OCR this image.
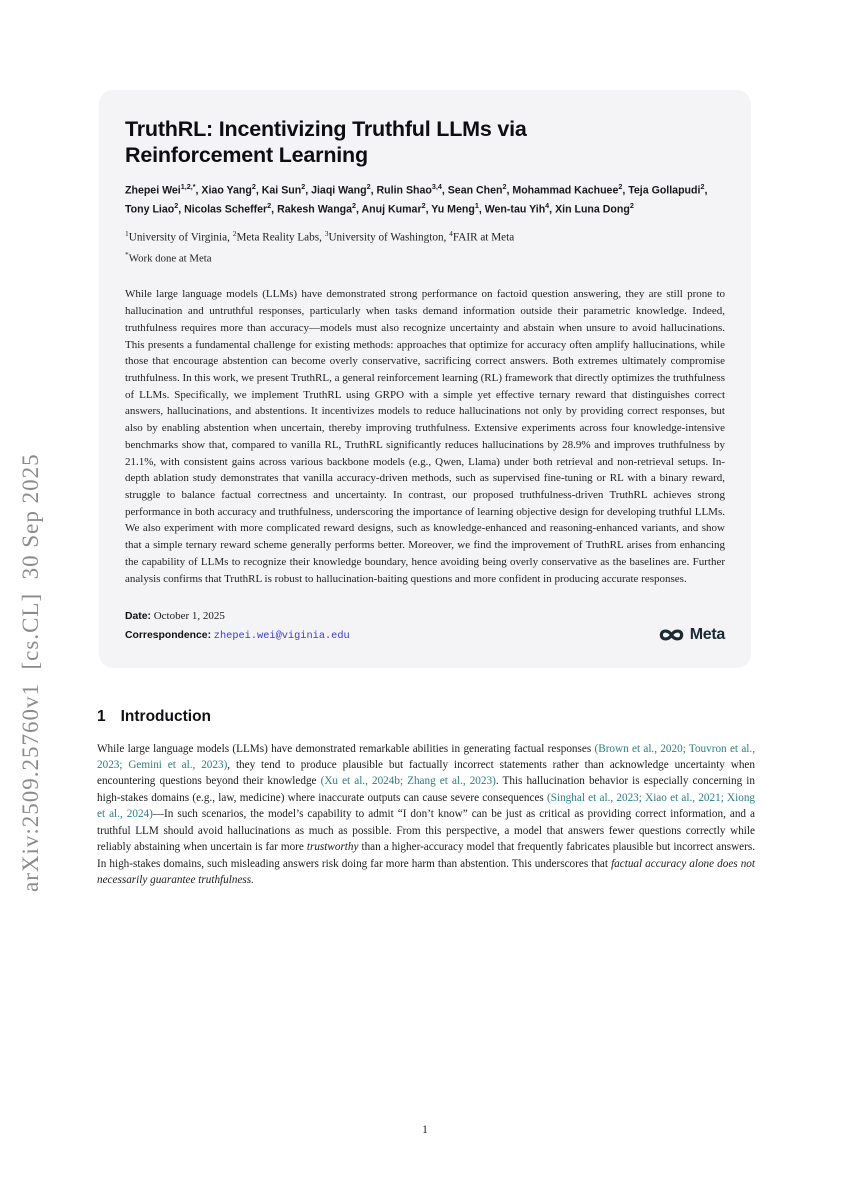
arXiv:2509.25760v1  [cs.CL]  30 Sep 2025
TruthRL: Incentivizing Truthful LLMs via Reinforcement Learning

Zhepei Wei$^{1,2,*}$, Xiao Yang$^2$, Kai Sun$^2$, Jiaqi Wang$^2$, Rulin Shao$^{3,4}$, Sean Chen$^2$, Mohammad Kachuee$^2$, Teja Gollapudi$^2$, Tony Liao$^2$, Nicolas Scheffer$^2$, Rakesh Wanga$^2$, Anuj Kumar$^2$, Yu Meng$^1$, Wen-tau Yih$^4$, Xin Luna Dong$^2$

$^1$University of Virginia, $^2$Meta Reality Labs, $^3$University of Washington, $^4$FAIR at Meta

*Work done at Meta

While large language models (LLMs) have demonstrated strong performance on factoid question answering, they are still prone to hallucination and untruthful responses, particularly when tasks demand information outside their parametric knowledge. Indeed, truthfulness requires more than accuracy—models must also recognize uncertainty and abstain when unsure to avoid hallucinations. This presents a fundamental challenge for existing methods: approaches that optimize for accuracy often amplify hallucinations, while those that encourage abstention can become overly conservative, sacrificing correct answers. Both extremes ultimately compromise truthfulness. In this work, we present TruthRL, a general reinforcement learning (RL) framework that directly optimizes the truthfulness of LLMs. Specifically, we implement TruthRL using GRPO with a simple yet effective ternary reward that distinguishes correct answers, hallucinations, and abstentions. It incentivizes models to reduce hallucinations not only by providing correct responses, but also by enabling abstention when uncertain, thereby improving truthfulness. Extensive experiments across four knowledge-intensive benchmarks show that, compared to vanilla RL, TruthRL significantly reduces hallucinations by 28.9% and improves truthfulness by 21.1%, with consistent gains across various backbone models (e.g., Qwen, Llama) under both retrieval and non-retrieval setups. In-depth ablation study demonstrates that vanilla accuracy-driven methods, such as supervised fine-tuning or RL with a binary reward, struggle to balance factual correctness and uncertainty. In contrast, our proposed truthfulness-driven TruthRL achieves strong performance in both accuracy and truthfulness, underscoring the importance of learning objective design for developing truthful LLMs. We also experiment with more complicated reward designs, such as knowledge-enhanced and reasoning-enhanced variants, and show that a simple ternary reward scheme generally performs better. Moreover, we find the improvement of TruthRL arises from enhancing the capability of LLMs to recognize their knowledge boundary, hence avoiding being overly conservative as the baselines are. Further analysis confirms that TruthRL is robust to hallucination-baiting questions and more confident in producing accurate responses.

Date: October 1, 2025
Correspondence: zhepei.wei@viginia.edu	Meta
1 Introduction

While large language models (LLMs) have demonstrated remarkable abilities in generating factual responses (Brown et al., 2020; Touvron et al., 2023; Gemini et al., 2023), they tend to produce plausible but factually incorrect statements rather than acknowledge uncertainty when encountering questions beyond their knowledge (Xu et al., 2024b; Zhang et al., 2023). This hallucination behavior is especially concerning in high-stakes domains (e.g., law, medicine) where inaccurate outputs can cause severe consequences (Singhal et al., 2023; Xiao et al., 2021; Xiong et al., 2024)—In such scenarios, the model’s capability to admit “I don’t know” can be just as critical as providing correct information, and a truthful LLM should avoid hallucinations as much as possible. From this perspective, a model that answers fewer questions correctly while reliably abstaining when uncertain is far more trustworthy than a higher-accuracy model that frequently fabricates plausible but incorrect answers. In high-stakes domains, such misleading answers risk doing far more harm than abstention. This underscores that factual accuracy alone does not necessarily guarantee truthfulness.

1
